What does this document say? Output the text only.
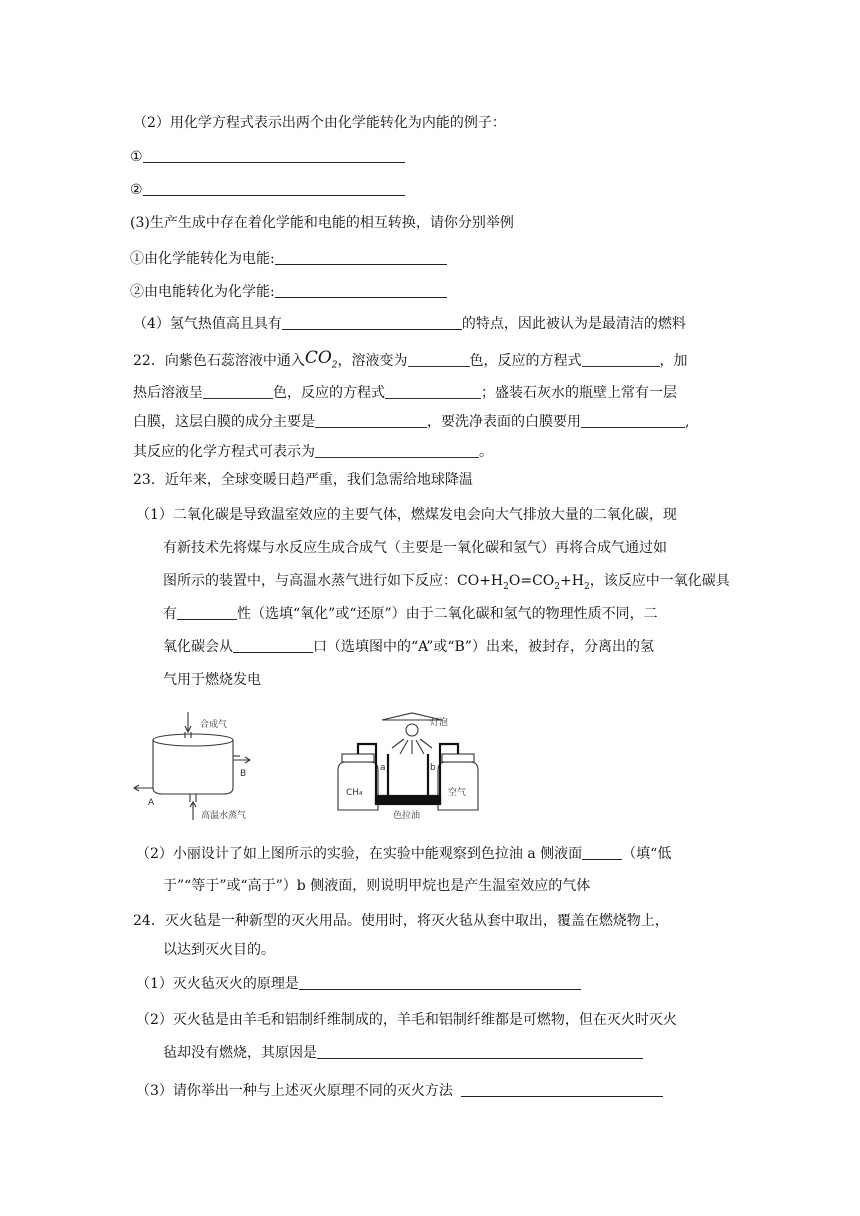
（2）用化学方程式表示出两个由化学能转化为内能的例子：
①
②
(3)生产生成中存在着化学能和电能的相互转换，请你分别举例
①由化学能转化为电能:
②由电能转化为化学能:
（4）氢气热值高且具有	的特点，因此被认为是最清洁的燃料
22．向紫色石蕊溶液中通入$CO_2$，溶液变为	色，反应的方程式	，加
热后溶液呈	色，反应的方程式	；盛装石灰水的瓶壁上常有一层
白膜，这层白膜的成分主要是	，要洗净表面的白膜要用	,
其反应的化学方程式可表示为	。
23．近年来，全球变暖日趋严重，我们急需给地球降温
（1）二氧化碳是导致温室效应的主要气体，燃煤发电会向大气排放大量的二氧化碳，现
有新技术先将煤与水反应生成合成气（主要是一氧化碳和氢气）再将合成气通过如
图所示的装置中，与高温水蒸气进行如下反应：$CO+H_2O=CO_2+H_2$，该反应中一氧化碳具
有	性（选填“氧化”或“还原”）由于二氧化碳和氢气的物理性质不同，二
氧化碳会从	口（选填图中的“A”或“B”）出来，被封存，分离出的氢
气用于燃烧发电
合成气
B
A
高温水蒸气
灯泡
a	b
CH₄	空气
色拉油
（2）小丽设计了如上图所示的实验，在实验中能观察到色拉油 a 侧液面	（填“低
于”“等于”或“高于”）b 侧液面，则说明甲烷也是产生温室效应的气体
24．灭火毡是一种新型的灭火用品。使用时，将灭火毡从套中取出，覆盖在燃烧物上，
以达到灭火目的。
（1）灭火毡灭火的原理是
（2）灭火毡是由羊毛和铝制纤维制成的，羊毛和铝制纤维都是可燃物，但在灭火时灭火
毡却没有燃烧，其原因是
（3）请你举出一种与上述灭火原理不同的灭火方法
